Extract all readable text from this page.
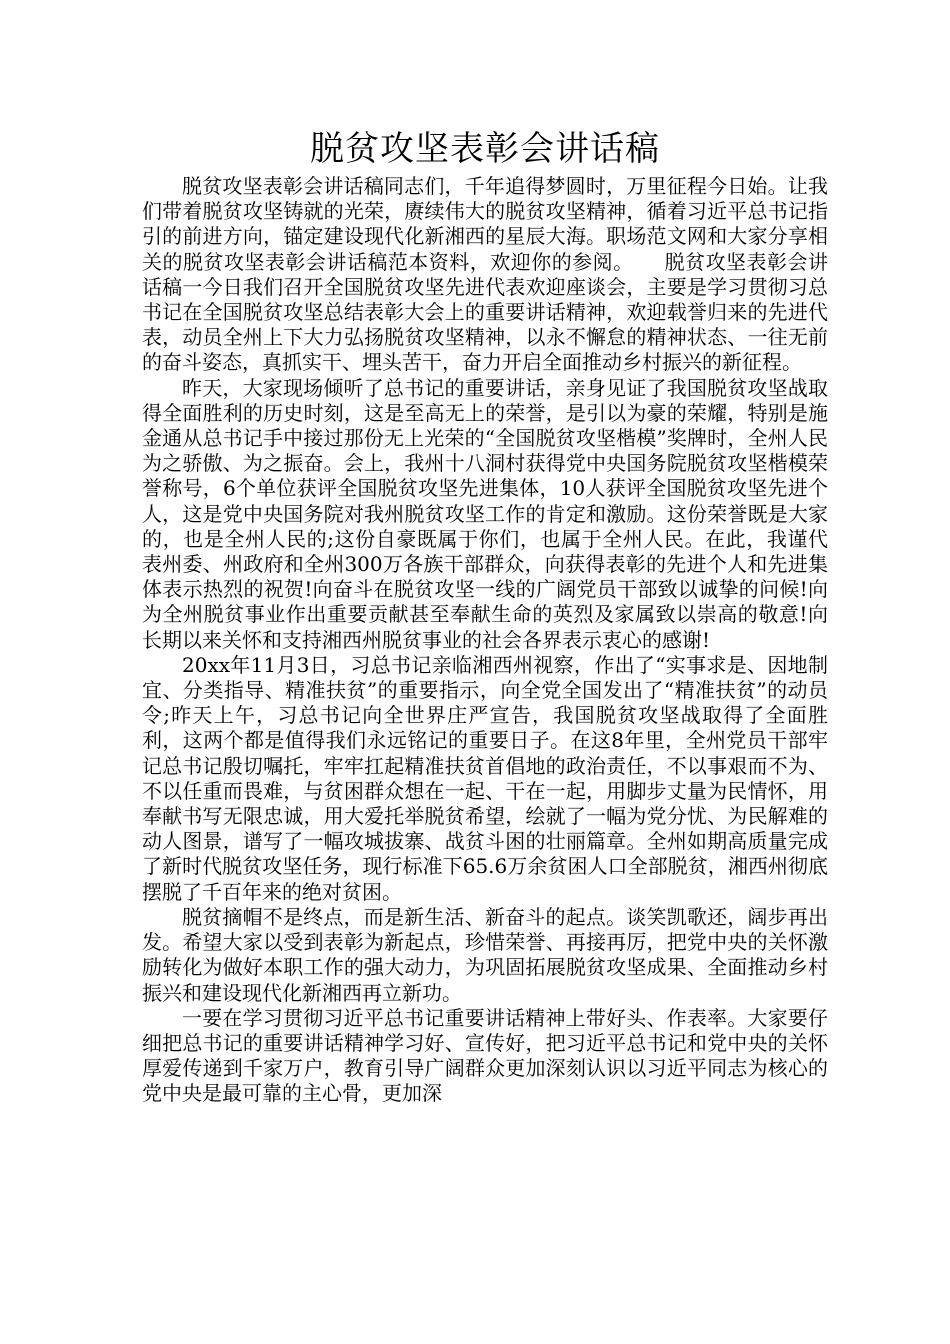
脱贫攻坚表彰会讲话稿

脱贫攻坚表彰会讲话稿同志们，千年追得梦圆时，万里征程今日始。让我们带着脱贫攻坚铸就的光荣，赓续伟大的脱贫攻坚精神，循着习近平总书记指引的前进方向，锚定建设现代化新湘西的星辰大海。职场范文网和大家分享相关的脱贫攻坚表彰会讲话稿范本资料，欢迎你的参阅。　　脱贫攻坚表彰会讲话稿一今日我们召开全国脱贫攻坚先进代表欢迎座谈会，主要是学习贯彻习总书记在全国脱贫攻坚总结表彰大会上的重要讲话精神，欢迎载誉归来的先进代表，动员全州上下大力弘扬脱贫攻坚精神，以永不懈怠的精神状态、一往无前的奋斗姿态，真抓实干、埋头苦干，奋力开启全面推动乡村振兴的新征程。

昨天，大家现场倾听了总书记的重要讲话，亲身见证了我国脱贫攻坚战取得全面胜利的历史时刻，这是至高无上的荣誉，是引以为豪的荣耀，特别是施金通从总书记手中接过那份无上光荣的“全国脱贫攻坚楷模”奖牌时，全州人民为之骄傲、为之振奋。会上，我州十八洞村获得党中央国务院脱贫攻坚楷模荣誉称号，6个单位获评全国脱贫攻坚先进集体，10人获评全国脱贫攻坚先进个人，这是党中央国务院对我州脱贫攻坚工作的肯定和激励。这份荣誉既是大家的，也是全州人民的;这份自豪既属于你们，也属于全州人民。在此，我谨代表州委、州政府和全州300万各族干部群众，向获得表彰的先进个人和先进集体表示热烈的祝贺!向奋斗在脱贫攻坚一线的广阔党员干部致以诚挚的问候!向为全州脱贫事业作出重要贡献甚至奉献生命的英烈及家属致以崇高的敬意!向长期以来关怀和支持湘西州脱贫事业的社会各界表示衷心的感谢!

20xx年11月3日，习总书记亲临湘西州视察，作出了“实事求是、因地制宜、分类指导、精准扶贫”的重要指示，向全党全国发出了“精准扶贫”的动员令;昨天上午，习总书记向全世界庄严宣告，我国脱贫攻坚战取得了全面胜利，这两个都是值得我们永远铭记的重要日子。在这8年里，全州党员干部牢记总书记殷切嘱托，牢牢扛起精准扶贫首倡地的政治责任，不以事艰而不为、不以任重而畏难，与贫困群众想在一起、干在一起，用脚步丈量为民情怀，用奉献书写无限忠诚，用大爱托举脱贫希望，绘就了一幅为党分忧、为民解难的动人图景，谱写了一幅攻城拔寨、战贫斗困的壮丽篇章。全州如期高质量完成了新时代脱贫攻坚任务，现行标准下65.6万余贫困人口全部脱贫，湘西州彻底摆脱了千百年来的绝对贫困。

脱贫摘帽不是终点，而是新生活、新奋斗的起点。谈笑凯歌还，阔步再出发。希望大家以受到表彰为新起点，珍惜荣誉、再接再厉，把党中央的关怀激励转化为做好本职工作的强大动力，为巩固拓展脱贫攻坚成果、全面推动乡村振兴和建设现代化新湘西再立新功。

一要在学习贯彻习近平总书记重要讲话精神上带好头、作表率。大家要仔细把总书记的重要讲话精神学习好、宣传好，把习近平总书记和党中央的关怀厚爱传递到千家万户，教育引导广阔群众更加深刻认识以习近平同志为核心的党中央是最可靠的主心骨，更加深
